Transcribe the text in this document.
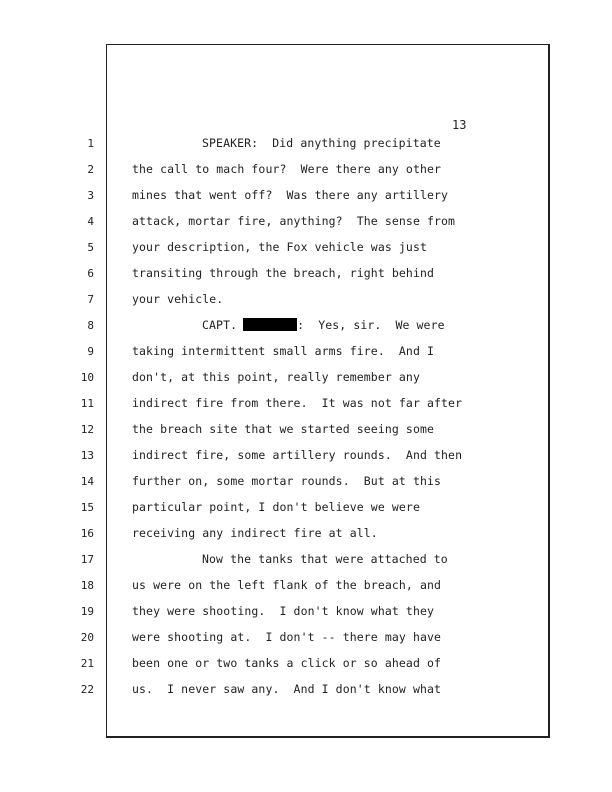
13
1
2
3
4
5
6
7
8
9
10
11
12
13
14
15
16
17
18
19
20
21
22
SPEAKER:  Did anything precipitate
the call to mach four?  Were there any other
mines that went off?  Was there any artillery
attack, mortar fire, anything?  The sense from
your description, the Fox vehicle was just
transiting through the breach, right behind
your vehicle.
CAPT.	:  Yes, sir.  We were
taking intermittent small arms fire.  And I
don't, at this point, really remember any
indirect fire from there.  It was not far after
the breach site that we started seeing some
indirect fire, some artillery rounds.  And then
further on, some mortar rounds.  But at this
particular point, I don't believe we were
receiving any indirect fire at all.
Now the tanks that were attached to
us were on the left flank of the breach, and
they were shooting.  I don't know what they
were shooting at.  I don't -- there may have
been one or two tanks a click or so ahead of
us.  I never saw any.  And I don't know what
